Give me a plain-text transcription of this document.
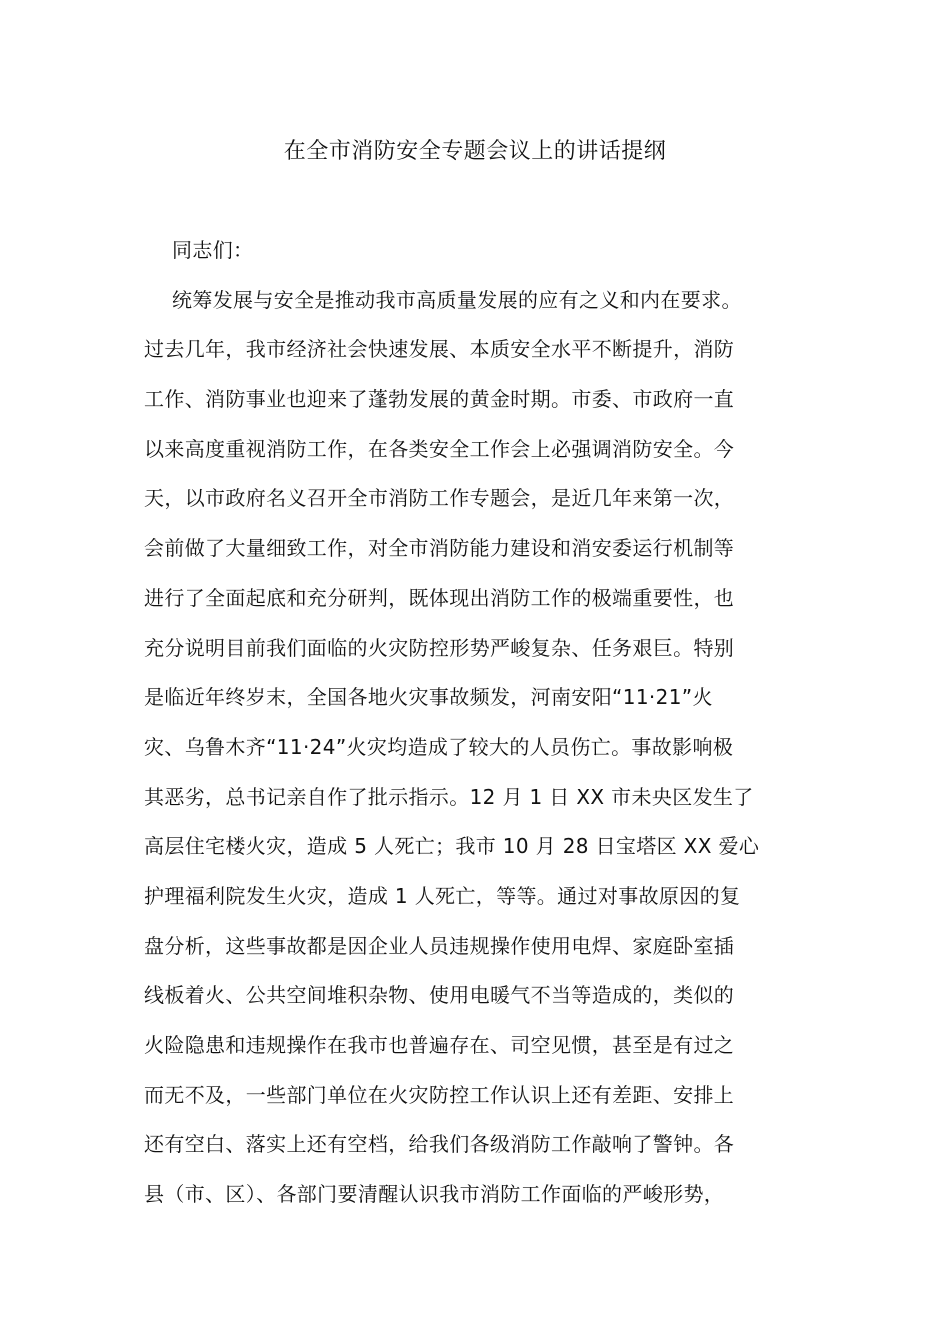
在全市消防安全专题会议上的讲话提纲
同志们：
统筹发展与安全是推动我市高质量发展的应有之义和内在要求。
过去几年，我市经济社会快速发展、本质安全水平不断提升，消防
工作、消防事业也迎来了蓬勃发展的黄金时期。市委、市政府一直
以来高度重视消防工作，在各类安全工作会上必强调消防安全。今
天，以市政府名义召开全市消防工作专题会，是近几年来第一次，
会前做了大量细致工作，对全市消防能力建设和消安委运行机制等
进行了全面起底和充分研判，既体现出消防工作的极端重要性，也
充分说明目前我们面临的火灾防控形势严峻复杂、任务艰巨。特别
是临近年终岁末，全国各地火灾事故频发，河南安阳“11·21”火
灾、乌鲁木齐“11·24”火灾均造成了较大的人员伤亡。事故影响极
其恶劣，总书记亲自作了批示指示。12 月 1 日 XX 市未央区发生了
高层住宅楼火灾，造成 5 人死亡；我市 10 月 28 日宝塔区 XX 爱心
护理福利院发生火灾，造成 1 人死亡，等等。通过对事故原因的复
盘分析，这些事故都是因企业人员违规操作使用电焊、家庭卧室插
线板着火、公共空间堆积杂物、使用电暖气不当等造成的，类似的
火险隐患和违规操作在我市也普遍存在、司空见惯，甚至是有过之
而无不及，一些部门单位在火灾防控工作认识上还有差距、安排上
还有空白、落实上还有空档，给我们各级消防工作敲响了警钟。各
县（市、区）、各部门要清醒认识我市消防工作面临的严峻形势，
